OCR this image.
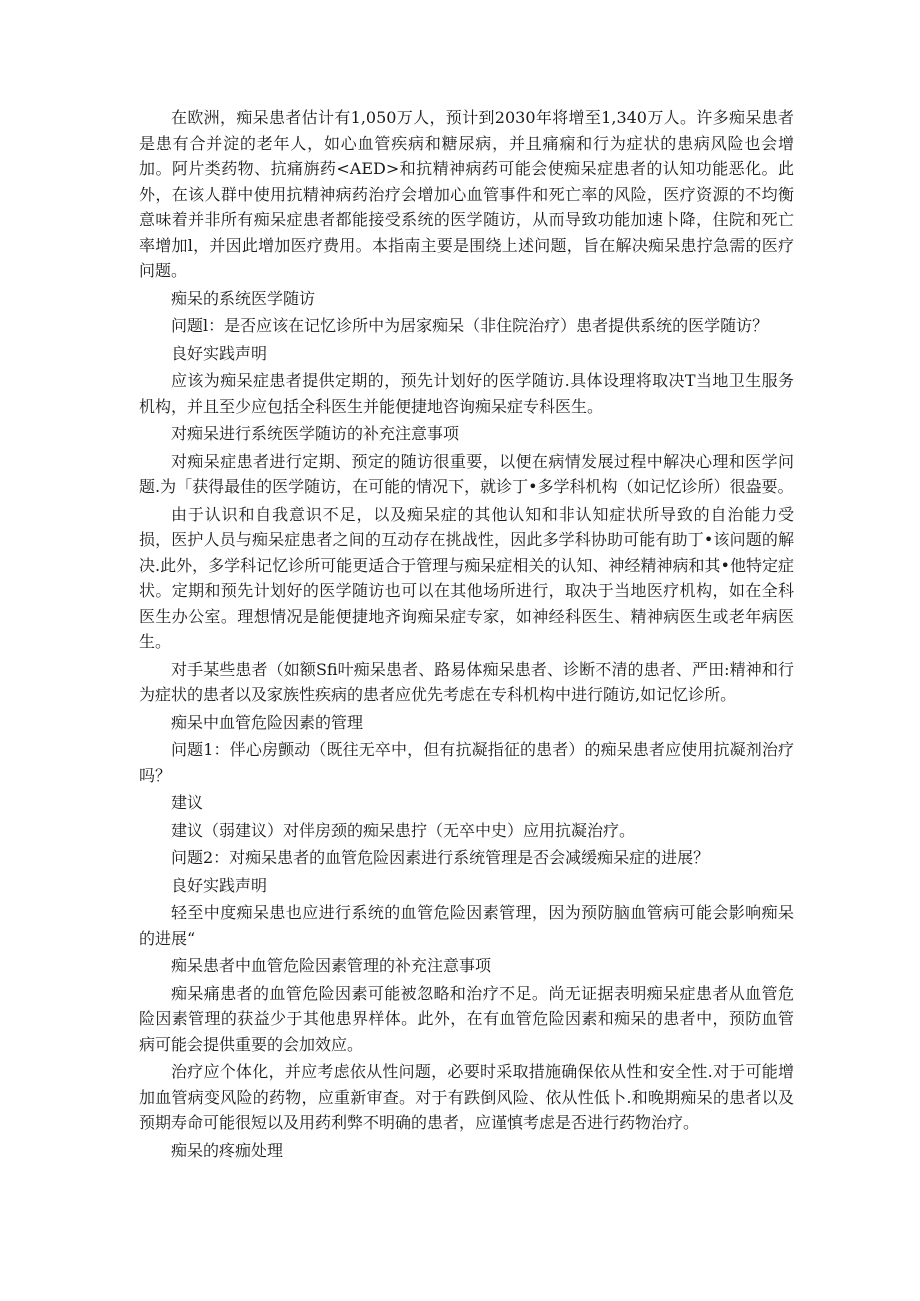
在欧洲，痴呆患者估计有1,050万人，预计到2030年将增至1,340万人。许多痴呆患者是患有合并淀的老年人，如心血管疾病和糖尿病，并且痛痫和行为症状的患病风险也会增加。阿片类药物、抗痛旃药<AED>和抗精神病药可能会使痴呆症患者的认知功能恶化。此外，在该人群中使用抗精神病药治疗会增加心血管事件和死亡率的风险，医疗资源的不均衡意味着并非所有痴呆症患者都能接受系统的医学随访，从而导致功能加速卜降，住院和死亡率增加l，并因此增加医疗费用。本指南主要是围绕上述问题，旨在解决痴呆患拧急需的医疗问题。

痴呆的系统医学随访

问题l：是否应该在记忆诊所中为居家痴呆（非住院治疗）患者提供系统的医学随访？

良好实践声明

应该为痴呆症患者提供定期的，预先计划好的医学随访.具体设理将取决T当地卫生服务机构，并且至少应包括全科医生并能便捷地咨询痴呆症专科医生。

对痴呆进行系统医学随访的补充注意事项

对痴呆症患者进行定期、预定的随访很重要，以便在病情发展过程中解决心理和医学问题.为「获得最佳的医学随访，在可能的情况下，就诊丁•多学科机构（如记忆诊所）很盎要。

由于认识和自我意识不足，以及痴呆症的其他认知和非认知症状所导致的自治能力受损，医护人员与痴呆症患者之间的互动存在挑战性，因此多学科协助可能有助丁•该问题的解决.此外，多学科记忆诊所可能更适合于管理与痴呆症相关的认知、神经精神病和其•他特定症状。定期和预先计划好的医学随访也可以在其他场所进行，取决于当地医疗机构，如在全科医生办公室。理想情况是能便捷地齐询痴呆症专家，如神经科医生、精神病医生或老年病医生。

对手某些患者（如额Sfi叶痴呆患者、路易体痴呆患者、诊断不清的患者、严田:精神和行为症状的患者以及家族性疾病的患者应优先考虑在专科机构中进行随访,如记忆诊所。

痴呆中血管危险因素的管理

问题1：伴心房颤动（既往无卒中，但有抗凝指征的患者）的痴呆患者应使用抗凝剂治疗吗？

建议

建议（弱建议）对伴房颈的痴呆患拧（无卒中史）应用抗凝治疗。

问题2：对痴呆患者的血管危险因素进行系统管理是否会减缓痴呆症的进展？

良好实践声明

轻至中度痴呆患也应进行系统的血管危险因素管理，因为预防脑血管病可能会影响痴呆的进展“

痴呆患者中血管危险因素管理的补充注意事项

痴呆痛患者的血管危险因素可能被忽略和治疗不足。尚无证据表明痴呆症患者从血管危险因素管理的获益少于其他患界样体。此外，在有血管危险因素和痴呆的患者中，预防血管病可能会提供重要的会加效应。

治疗应个体化，并应考虑依从性问题，必要时采取措施确保依从性和安全性.对于可能增加血管病变风险的药物，应重新审查。对于有跌倒风险、依从性低卜.和晚期痴呆的患者以及预期寿命可能很短以及用药利弊不明确的患者，应谨慎考虑是否进行药物治疗。

痴呆的疼痂处理
